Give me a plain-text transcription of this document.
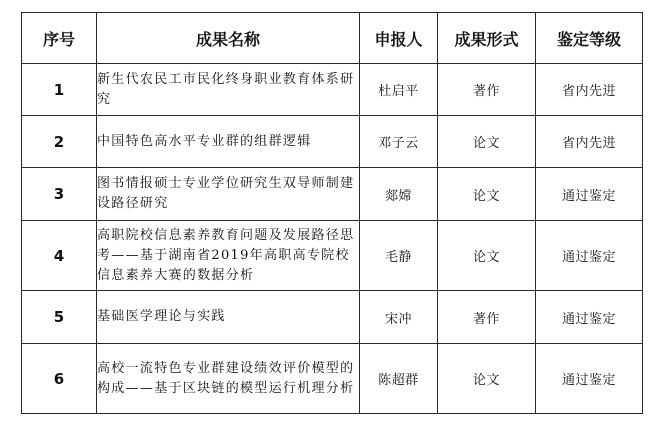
序号	成果名称	申报人	成果形式	鉴定等级
1	新生代农民工市民化终身职业教育体系研究	杜启平	著作	省内先进
2	中国特色高水平专业群的组群逻辑	邓子云	论文	省内先进
3	图书情报硕士专业学位研究生双导师制建设路径研究	郯嫦	论文	通过鉴定
4	高职院校信息素养教育问题及发展路径思考——基于湖南省2019年高职高专院校信息素养大赛的数据分析	毛静	论文	通过鉴定
5	基础医学理论与实践	宋冲	著作	通过鉴定
6	高校一流特色专业群建设绩效评价模型的构成——基于区块链的模型运行机理分析	陈超群	论文	通过鉴定
